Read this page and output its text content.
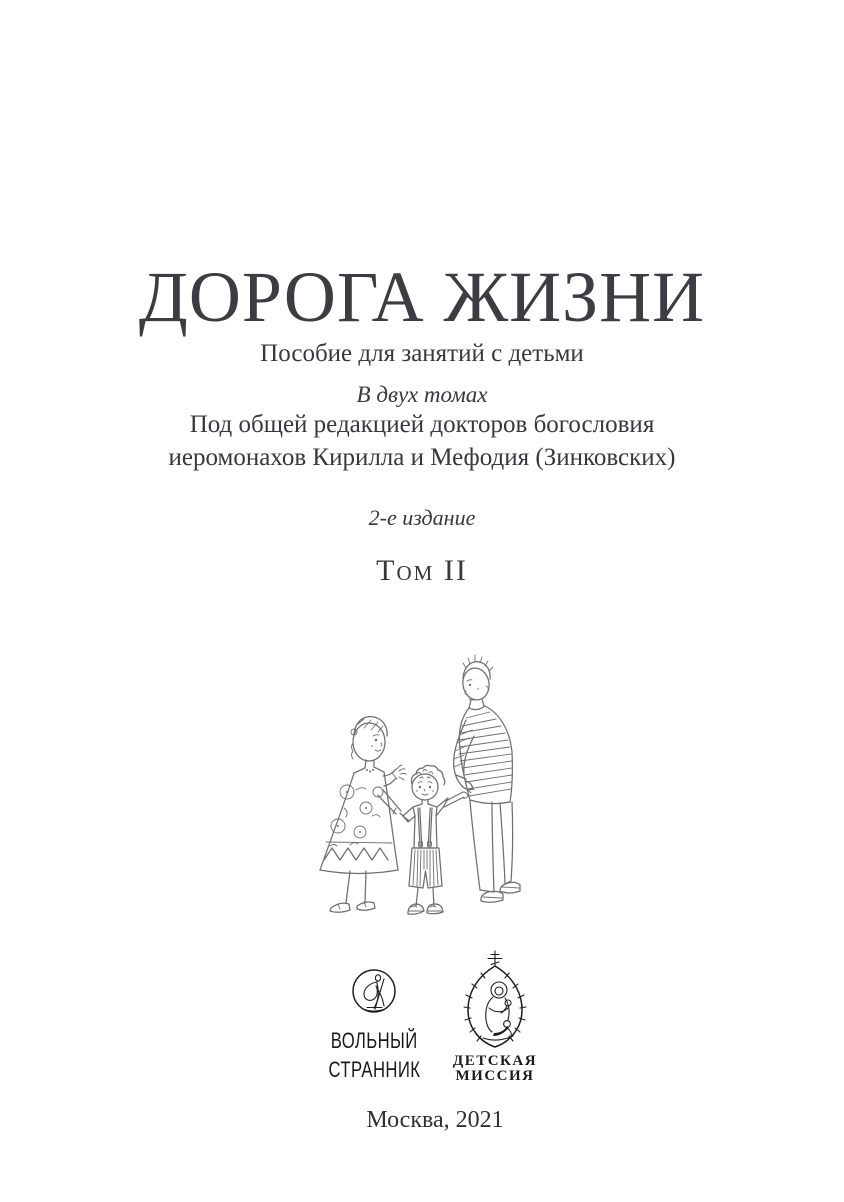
ДОРОГА ЖИЗНИ

Пособие для занятий с детьми

В двух томах

Под общей редакцией докторов богословия
иеромонахов Кирилла и Мефодия (Зинковских)

2-е издание

Том II

ВОЛЬНЫЙ
СТРАННИК ДЕТСКАЯ
МИССИЯ

Москва, 2021
